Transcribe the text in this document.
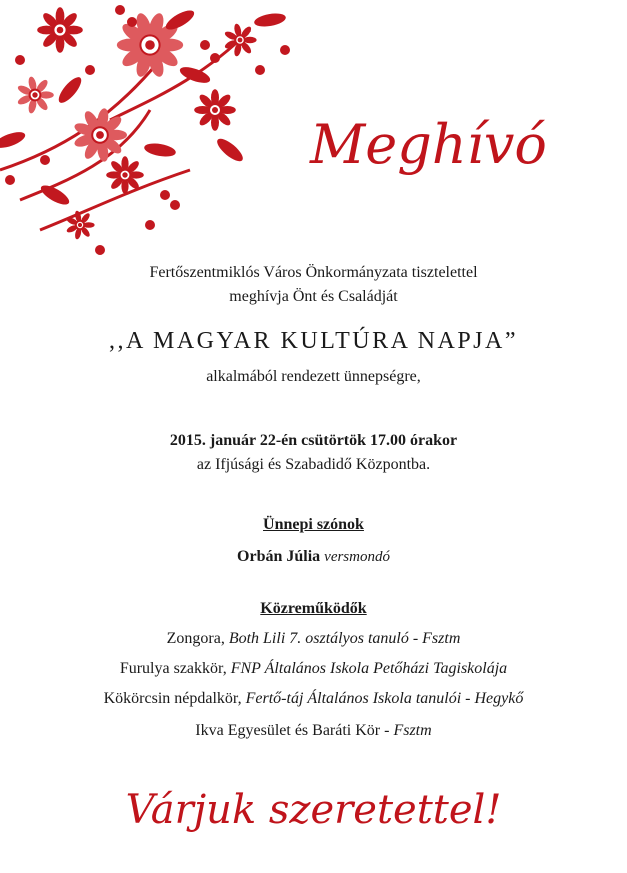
Meghívó
Fertőszentmiklós Város Önkormányzata tisztelettel
meghívja Önt és Családját
,,A MAGYAR KULTÚRA NAPJA”
alkalmából rendezett ünnepségre,
2015. január 22-én csütörtök 17.00 órakor
az Ifjúsági és Szabadidő Központba.
Ünnepi szónok
Orbán Júlia versmondó
Közreműködők
Zongora, Both Lili 7. osztályos tanuló - Fsztm
Furulya szakkör, FNP Általános Iskola Petőházi Tagiskolája
Kökörcsin népdalkör, Fertő-táj Általános Iskola tanulói - Hegykő
Ikva Egyesület és Baráti Kör - Fsztm
Várjuk szeretettel!
